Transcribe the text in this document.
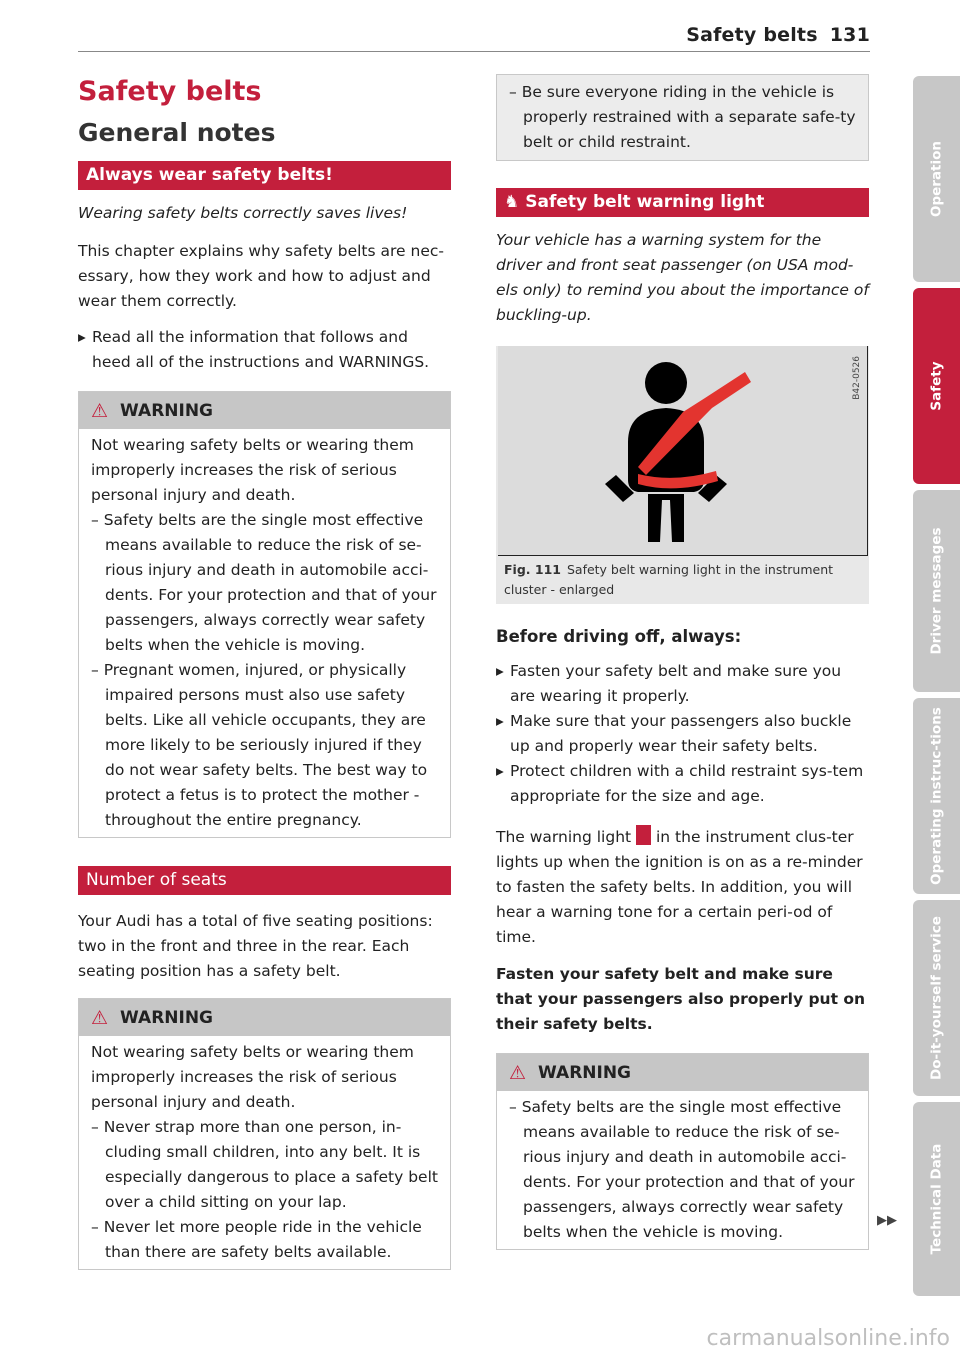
Safety belts 131
Safety belts
General notes
Always wear safety belts!

Wearing safety belts correctly saves lives!

This chapter explains why safety belts are nec-essary, how they work and how to adjust and wear them correctly.

▸ Read all the information that follows and heed all of the instructions and WARNINGS.

⚠ WARNING

Not wearing safety belts or wearing them improperly increases the risk of serious personal injury and death.

– Safety belts are the single most effective means available to reduce the risk of se-rious injury and death in automobile acci-dents. For your protection and that of your passengers, always correctly wear safety belts when the vehicle is moving.

– Pregnant women, injured, or physically impaired persons must also use safety belts. Like all vehicle occupants, they are more likely to be seriously injured if they do not wear safety belts. The best way to protect a fetus is to protect the mother - throughout the entire pregnancy.

Number of seats

Your Audi has a total of five seating positions: two in the front and three in the rear. Each seating position has a safety belt.

⚠ WARNING

Not wearing safety belts or wearing them improperly increases the risk of serious personal injury and death.

– Never strap more than one person, in-cluding small children, into any belt. It is especially dangerous to place a safety belt over a child sitting on your lap.

– Never let more people ride in the vehicle than there are safety belts available.

– Be sure everyone riding in the vehicle is properly restrained with a separate safe-ty belt or child restraint.

♞ Safety belt warning light

Your vehicle has a warning system for the driver and front seat passenger (on USA mod-els only) to remind you about the importance of buckling-up.

B42-0526
Fig. 111 Safety belt warning light in the instrument cluster - enlarged

Before driving off, always:

▸ Fasten your safety belt and make sure you are wearing it properly.

▸ Make sure that your passengers also buckle up and properly wear their safety belts.

▸ Protect children with a child restraint sys-tem appropriate for the size and age.

The warning light in the instrument clus-ter lights up when the ignition is on as a re-minder to fasten the safety belts. In addition, you will hear a warning tone for a certain peri-od of time.

Fasten your safety belt and make sure that your passengers also properly put on their safety belts.

⚠ WARNING

– Safety belts are the single most effective means available to reduce the risk of se-rious injury and death in automobile acci-dents. For your protection and that of your passengers, always correctly wear safety belts when the vehicle is moving.

▶▶
Operation
Safety
Driver messages
Operating instruc-tions
Do-it-yourself service
Technical Data
carmanualsonline.info
